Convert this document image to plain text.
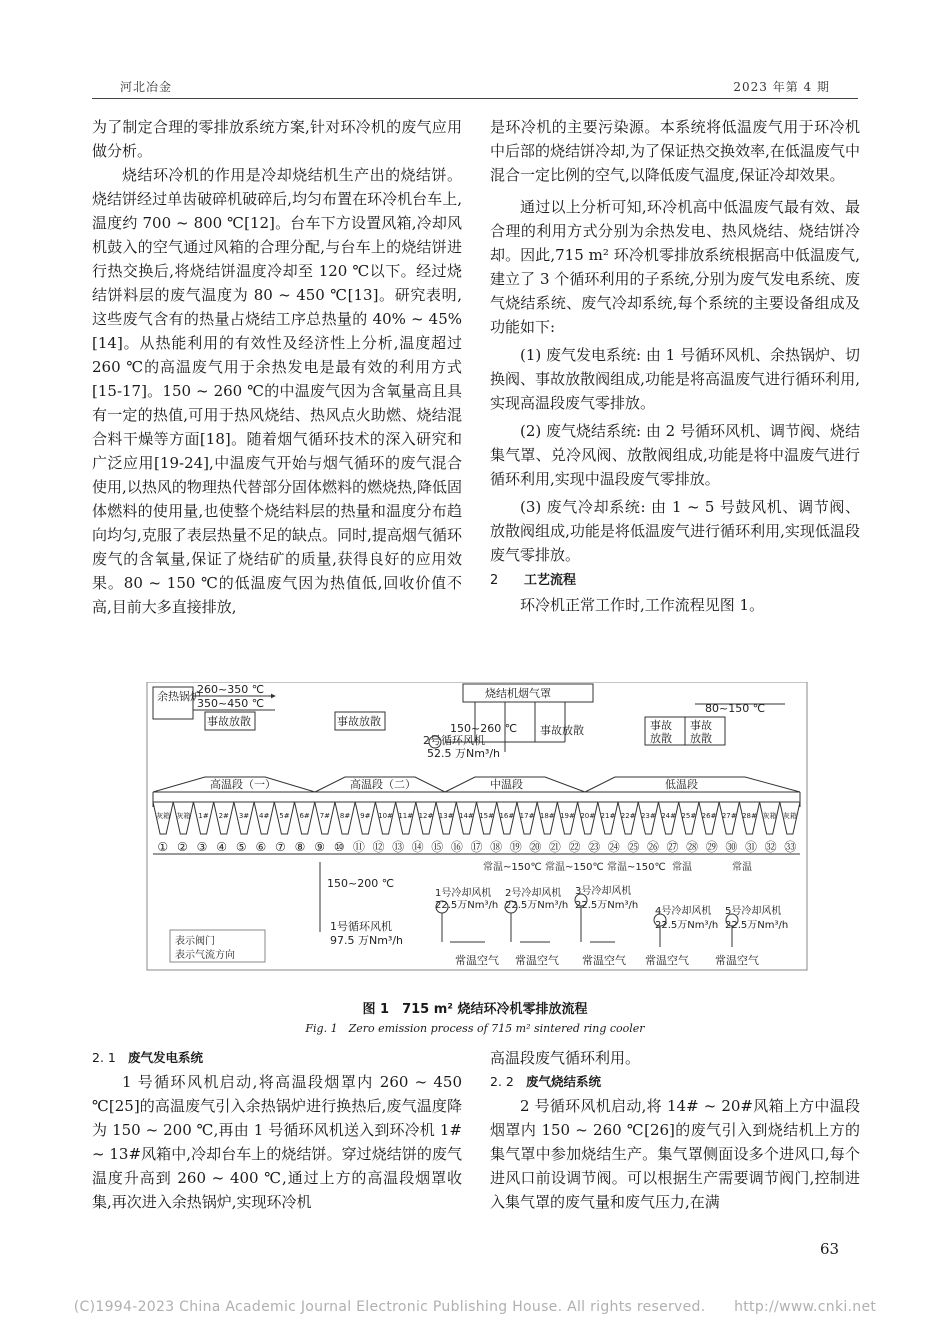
河北冶金	2023 年第 4 期

为了制定合理的零排放系统方案,针对环冷机的废气应用做分析。

烧结环冷机的作用是冷却烧结机生产出的烧结饼。烧结饼经过单齿破碎机破碎后,均匀布置在环冷机台车上,温度约 700 ~ 800 ℃[12]。台车下方设置风箱,冷却风机鼓入的空气通过风箱的合理分配,与台车上的烧结饼进行热交换后,将烧结饼温度冷却至 120 ℃以下。经过烧结饼料层的废气温度为 80 ~ 450 ℃[13]。研究表明,这些废气含有的热量占烧结工序总热量的 40% ~ 45%[14]。从热能利用的有效性及经济性上分析,温度超过 260 ℃的高温废气用于余热发电是最有效的利用方式[15-17]。150 ~ 260 ℃的中温废气因为含氧量高且具有一定的热值,可用于热风烧结、热风点火助燃、烧结混合料干燥等方面[18]。随着烟气循环技术的深入研究和广泛应用[19-24],中温废气开始与烟气循环的废气混合使用,以热风的物理热代替部分固体燃料的燃烧热,降低固体燃料的使用量,也使整个烧结料层的热量和温度分布趋向均匀,克服了表层热量不足的缺点。同时,提高烟气循环废气的含氧量,保证了烧结矿的质量,获得良好的应用效果。80 ~ 150 ℃的低温废气因为热值低,回收价值不高,目前大多直接排放,

是环冷机的主要污染源。本系统将低温废气用于环冷机中后部的烧结饼冷却,为了保证热交换效率,在低温废气中混合一定比例的空气,以降低废气温度,保证冷却效果。

通过以上分析可知,环冷机高中低温废气最有效、最合理的利用方式分别为余热发电、热风烧结、烧结饼冷却。因此,715 m² 环冷机零排放系统根据高中低温废气,建立了 3 个循环利用的子系统,分别为废气发电系统、废气烧结系统、废气冷却系统,每个系统的主要设备组成及功能如下:

(1) 废气发电系统: 由 1 号循环风机、余热锅炉、切换阀、事故放散阀组成,功能是将高温废气进行循环利用,实现高温段废气零排放。

(2) 废气烧结系统: 由 2 号循环风机、调节阀、烧结集气罩、兑冷风阀、放散阀组成,功能是将中温废气进行循环利用,实现中温段废气零排放。

(3) 废气冷却系统: 由 1 ~ 5 号鼓风机、调节阀、放散阀组成,功能是将低温废气进行循环利用,实现低温段废气零排放。

2 工艺流程

环冷机正常工作时,工作流程见图 1。

灰箱 灰箱 1# 2# 3# 4# 5# 6# 7# 8# 9# 10# 11# 12# 13# 14# 15# 16# 17# 18# 19# 20# 21# 22# 23# 24# 25# 26# 27# 28# 灰箱 灰箱
① ② ③ ④ ⑤ ⑥ ⑦ ⑧ ⑨ ⑩ ⑪ ⑫ ⑬ ⑭ ⑮ ⑯ ⑰ ⑱ ⑲ ⑳ ㉑ ㉒ ㉓ ㉔ ㉕ ㉖ ㉗ ㉘ ㉙ ㉚ ㉛ ㉜ ㉝
余热锅炉
260~350 ℃
350~450 ℃
事故放散	事故放散
烧结机烟气罩
150~260 ℃
2号循环风机
52.5 万Nm³/h
事故放散
80~150 ℃
事故
放散
事故
放散
高温段（一）	高温段（二）	中温段	低温段
150~200 ℃
1号循环风机
97.5 万Nm³/h
表示阀门
表示气流方向
常温~150℃ 常温~150℃ 常温~150℃ 常温	常温
1号冷却风机 2号冷却风机 3号冷却风机
4号冷却风机 5号冷却风机
22.5万Nm³/h 22.5万Nm³/h 22.5万Nm³/h
22.5万Nm³/h 22.5万Nm³/h
常温空气 常温空气 常温空气 常温空气 常温空气
图 1　715 m² 烧结环冷机零排放流程
Fig. 1　Zero emission process of 715 m² sintered ring cooler
2. 1 废气发电系统

1 号循环风机启动,将高温段烟罩内 260 ~ 450 ℃[25]的高温废气引入余热锅炉进行换热后,废气温度降为 150 ~ 200 ℃,再由 1 号循环风机送入到环冷机 1# ~ 13#风箱中,冷却台车上的烧结饼。穿过烧结饼的废气温度升高到 260 ~ 400 ℃,通过上方的高温段烟罩收集,再次进入余热锅炉,实现环冷机

高温段废气循环利用。

2. 2 废气烧结系统

2 号循环风机启动,将 14# ~ 20#风箱上方中温段烟罩内 150 ~ 260 ℃[26]的废气引入到烧结机上方的集气罩中参加烧结生产。集气罩侧面设多个进风口,每个进风口前设调节阀。可以根据生产需要调节阀门,控制进入集气罩的废气量和废气压力,在满

63
(C)1994-2023 China Academic Journal Electronic Publishing House. All rights reserved.　　http://www.cnki.net
